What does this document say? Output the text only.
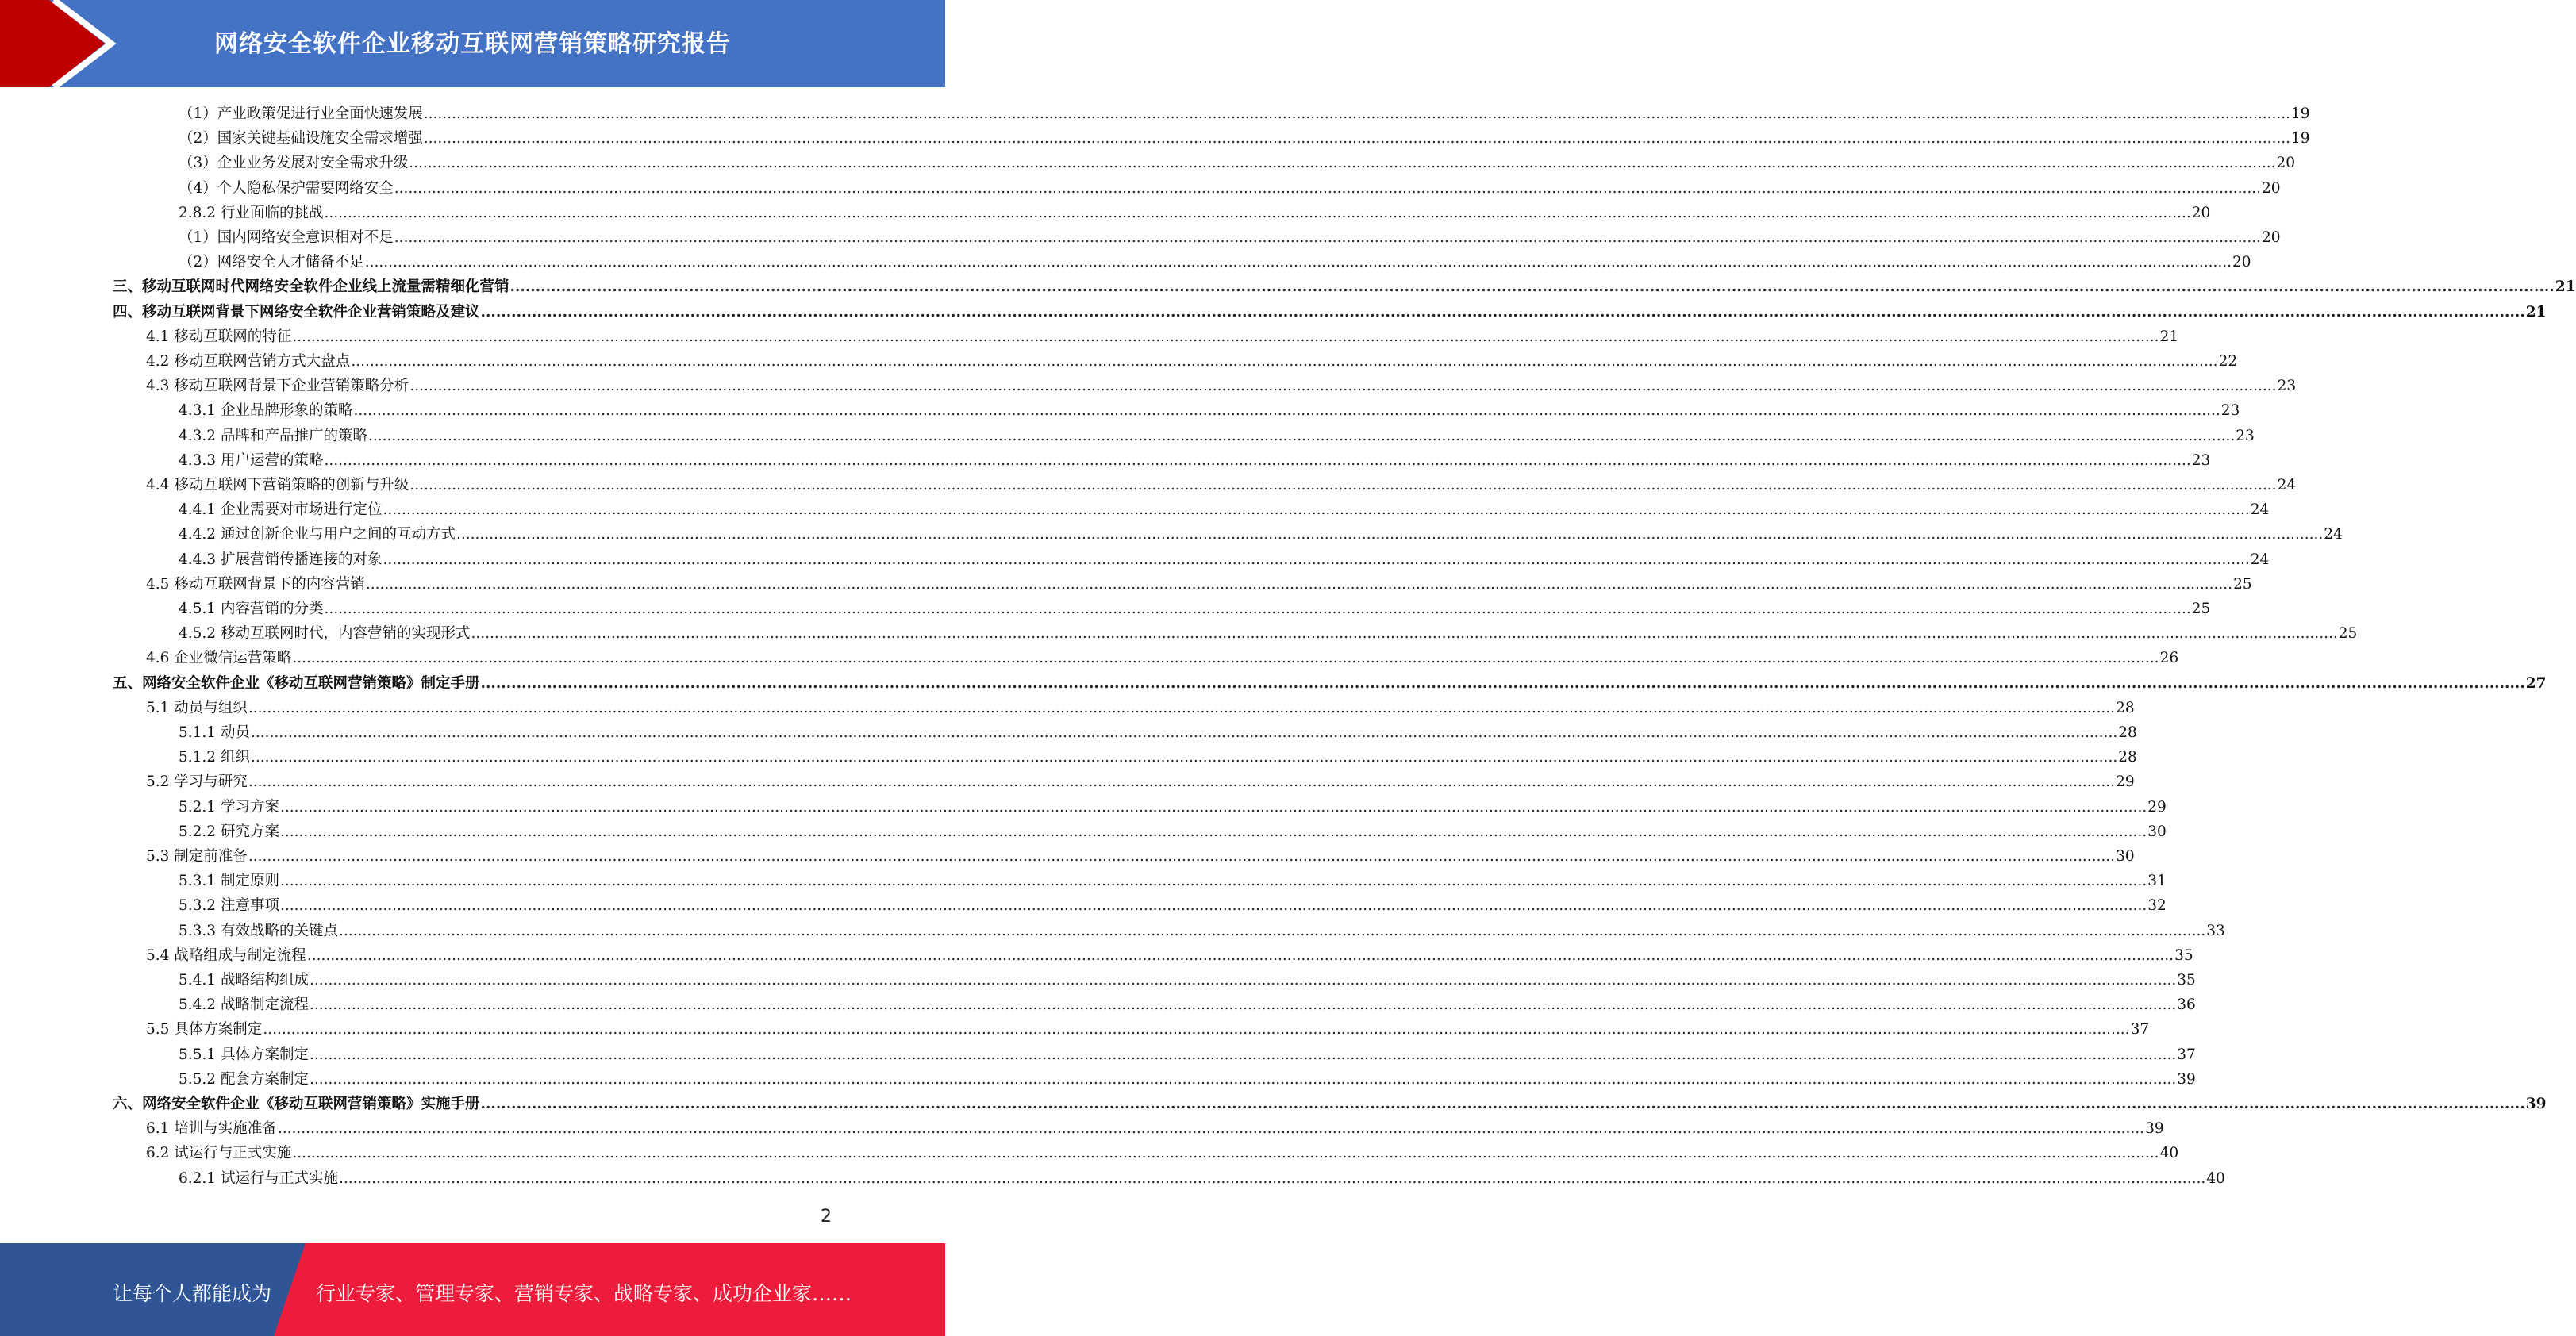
网络安全软件企业移动互联网营销策略研究报告
（1）产业政策促进行业全面快速发展 ................................................................................................................................................................................................................................................................................................................................................................................................................ 19
（2）国家关键基础设施安全需求增强 ................................................................................................................................................................................................................................................................................................................................................................................................................ 19
（3）企业业务发展对安全需求升级 ................................................................................................................................................................................................................................................................................................................................................................................................................ 20
（4）个人隐私保护需要网络安全 ................................................................................................................................................................................................................................................................................................................................................................................................................ 20
2.8.2 行业面临的挑战 ................................................................................................................................................................................................................................................................................................................................................................................................................ 20
（1）国内网络安全意识相对不足 ................................................................................................................................................................................................................................................................................................................................................................................................................ 20
（2）网络安全人才储备不足 ................................................................................................................................................................................................................................................................................................................................................................................................................ 20
三、移动互联网时代网络安全软件企业线上流量需精细化营销 ................................................................................................................................................................................................................................................................................................................................................................................................................ 21
四、移动互联网背景下网络安全软件企业营销策略及建议 ................................................................................................................................................................................................................................................................................................................................................................................................................ 21
4.1 移动互联网的特征 ................................................................................................................................................................................................................................................................................................................................................................................................................ 21
4.2 移动互联网营销方式大盘点 ................................................................................................................................................................................................................................................................................................................................................................................................................ 22
4.3 移动互联网背景下企业营销策略分析 ................................................................................................................................................................................................................................................................................................................................................................................................................ 23
4.3.1 企业品牌形象的策略 ................................................................................................................................................................................................................................................................................................................................................................................................................ 23
4.3.2 品牌和产品推广的策略 ................................................................................................................................................................................................................................................................................................................................................................................................................ 23
4.3.3 用户运营的策略 ................................................................................................................................................................................................................................................................................................................................................................................................................ 23
4.4 移动互联网下营销策略的创新与升级 ................................................................................................................................................................................................................................................................................................................................................................................................................ 24
4.4.1 企业需要对市场进行定位 ................................................................................................................................................................................................................................................................................................................................................................................................................ 24
4.4.2 通过创新企业与用户之间的互动方式 ................................................................................................................................................................................................................................................................................................................................................................................................................ 24
4.4.3 扩展营销传播连接的对象 ................................................................................................................................................................................................................................................................................................................................................................................................................ 24
4.5 移动互联网背景下的内容营销 ................................................................................................................................................................................................................................................................................................................................................................................................................ 25
4.5.1 内容营销的分类 ................................................................................................................................................................................................................................................................................................................................................................................................................ 25
4.5.2 移动互联网时代，内容营销的实现形式 ................................................................................................................................................................................................................................................................................................................................................................................................................ 25
4.6 企业微信运营策略 ................................................................................................................................................................................................................................................................................................................................................................................................................ 26
五、网络安全软件企业《移动互联网营销策略》制定手册 ................................................................................................................................................................................................................................................................................................................................................................................................................ 27
5.1 动员与组织 ................................................................................................................................................................................................................................................................................................................................................................................................................ 28
5.1.1 动员 ................................................................................................................................................................................................................................................................................................................................................................................................................ 28
5.1.2 组织 ................................................................................................................................................................................................................................................................................................................................................................................................................ 28
5.2 学习与研究 ................................................................................................................................................................................................................................................................................................................................................................................................................ 29
5.2.1 学习方案 ................................................................................................................................................................................................................................................................................................................................................................................................................ 29
5.2.2 研究方案 ................................................................................................................................................................................................................................................................................................................................................................................................................ 30
5.3 制定前准备 ................................................................................................................................................................................................................................................................................................................................................................................................................ 30
5.3.1 制定原则 ................................................................................................................................................................................................................................................................................................................................................................................................................ 31
5.3.2 注意事项 ................................................................................................................................................................................................................................................................................................................................................................................................................ 32
5.3.3 有效战略的关键点 ................................................................................................................................................................................................................................................................................................................................................................................................................ 33
5.4 战略组成与制定流程 ................................................................................................................................................................................................................................................................................................................................................................................................................ 35
5.4.1 战略结构组成 ................................................................................................................................................................................................................................................................................................................................................................................................................ 35
5.4.2 战略制定流程 ................................................................................................................................................................................................................................................................................................................................................................................................................ 36
5.5 具体方案制定 ................................................................................................................................................................................................................................................................................................................................................................................................................ 37
5.5.1 具体方案制定 ................................................................................................................................................................................................................................................................................................................................................................................................................ 37
5.5.2 配套方案制定 ................................................................................................................................................................................................................................................................................................................................................................................................................ 39
六、网络安全软件企业《移动互联网营销策略》实施手册 ................................................................................................................................................................................................................................................................................................................................................................................................................ 39
6.1 培训与实施准备 ................................................................................................................................................................................................................................................................................................................................................................................................................ 39
6.2 试运行与正式实施 ................................................................................................................................................................................................................................................................................................................................................................................................................ 40
6.2.1 试运行与正式实施 ................................................................................................................................................................................................................................................................................................................................................................................................................ 40
2
让每个人都能成为 行业专家、管理专家、营销专家、战略专家、成功企业家……
